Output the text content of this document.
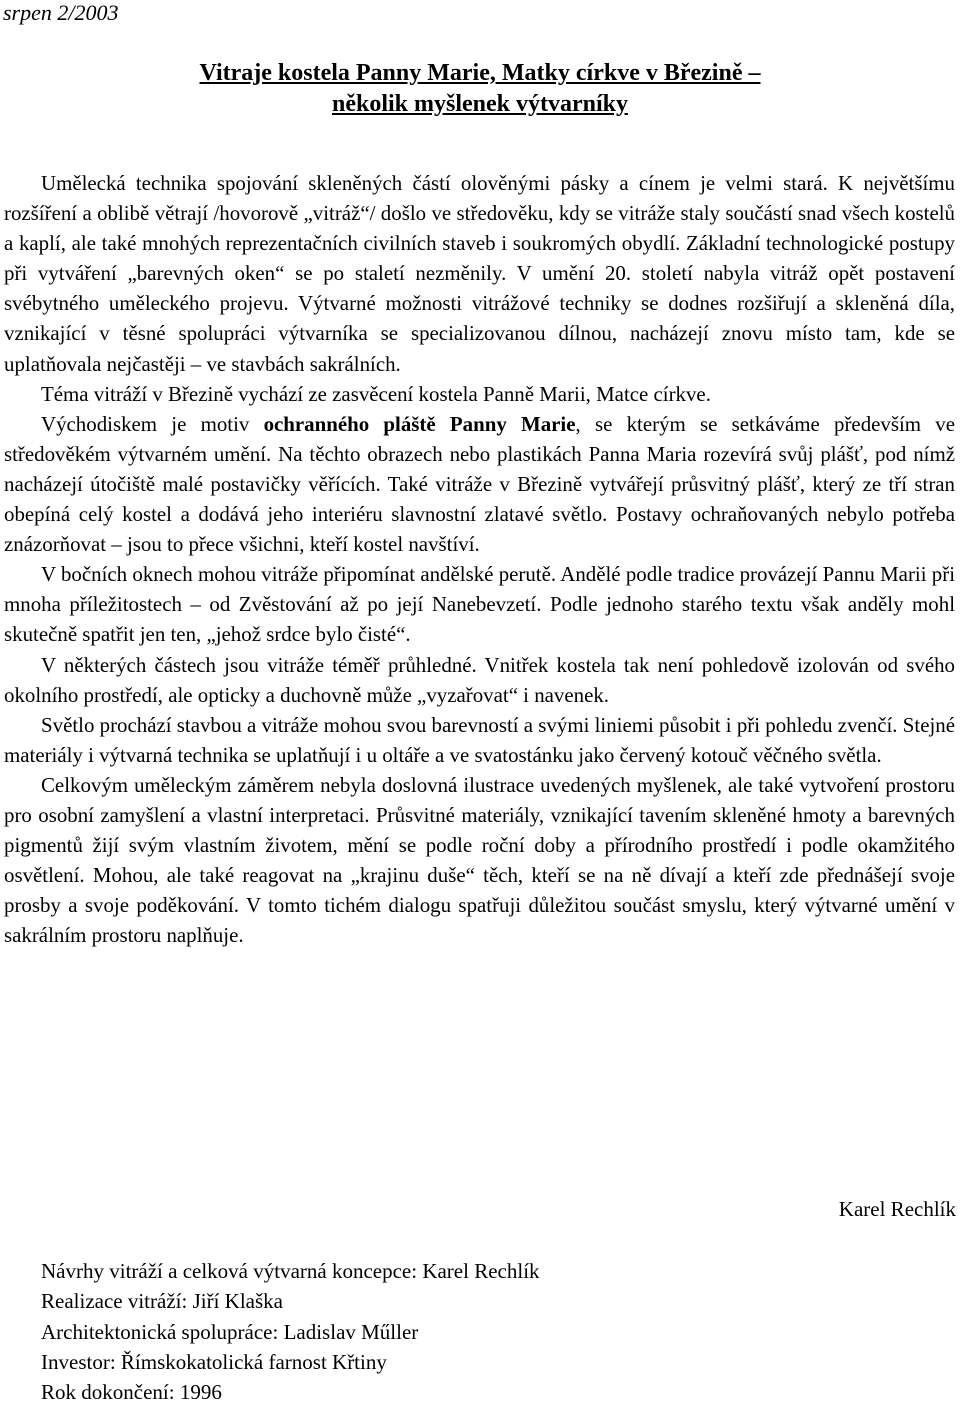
srpen 2/2003
Vitraje kostela Panny Marie, Matky církve v Březině –
několik myšlenek výtvarníky

Umělecká technika spojování skleněných částí olověnými pásky a cínem je velmi stará. K největšímu rozšíření a oblibě větrají /hovorově „vitráž“/ došlo ve středověku, kdy se vitráže staly součástí snad všech kostelů a kaplí, ale také mnohých reprezentačních civilních staveb i soukromých obydlí. Základní technologické postupy při vytváření „barevných oken“ se po staletí nezměnily. V umění 20. století nabyla vitráž opět postavení svébytného uměleckého projevu. Výtvarné možnosti vitrážové techniky se dodnes rozšiřují a skleněná díla, vznikající v těsné spolupráci výtvarníka se specializovanou dílnou, nacházejí znovu místo tam, kde se uplatňovala nejčastěji – ve stavbách sakrálních.

Téma vitráží v Březině vychází ze zasvěcení kostela Panně Marii, Matce církve.

Východiskem je motiv ochranného pláště Panny Marie, se kterým se setkáváme především ve středověkém výtvarném umění. Na těchto obrazech nebo plastikách Panna Maria rozevírá svůj plášť, pod nímž nacházejí útočiště malé postavičky věřících. Také vitráže v Březině vytvářejí průsvitný plášť, který ze tří stran obepíná celý kostel a dodává jeho interiéru slavnostní zlatavé světlo. Postavy ochraňovaných nebylo potřeba znázorňovat – jsou to přece všichni, kteří kostel navštíví.

V bočních oknech mohou vitráže připomínat andělské perutě. Andělé podle tradice provázejí Pannu Marii při mnoha příležitostech – od Zvěstování až po její Nanebevzetí. Podle jednoho starého textu však anděly mohl skutečně spatřit jen ten, „jehož srdce bylo čisté“.

V některých částech jsou vitráže téměř průhledné. Vnitřek kostela tak není pohledově izolován od svého okolního prostředí, ale opticky a duchovně může „vyzařovat“ i navenek.

Světlo prochází stavbou a vitráže mohou svou barevností a svými liniemi působit i při pohledu zvenčí. Stejné materiály i výtvarná technika se uplatňují i u oltáře a ve svatostánku jako červený kotouč věčného světla.

Celkovým uměleckým záměrem nebyla doslovná ilustrace uvedených myšlenek, ale také vytvoření prostoru pro osobní zamyšlení a vlastní interpretaci. Průsvitné materiály, vznikající tavením skleněné hmoty a barevných pigmentů žijí svým vlastním životem, mění se podle roční doby a přírodního prostředí i podle okamžitého osvětlení. Mohou, ale také reagovat na „krajinu duše“ těch, kteří se na ně dívají a kteří zde přednášejí svoje prosby a svoje poděkování. V tomto tichém dialogu spatřuji důležitou součást smyslu, který výtvarné umění v sakrálním prostoru naplňuje.

Karel Rechlík
Návrhy vitráží a celková výtvarná koncepce: Karel Rechlík
Realizace vitráží: Jiří Klaška
Architektonická spolupráce: Ladislav Műller
Investor: Římskokatolická farnost Křtiny
Rok dokončení: 1996
